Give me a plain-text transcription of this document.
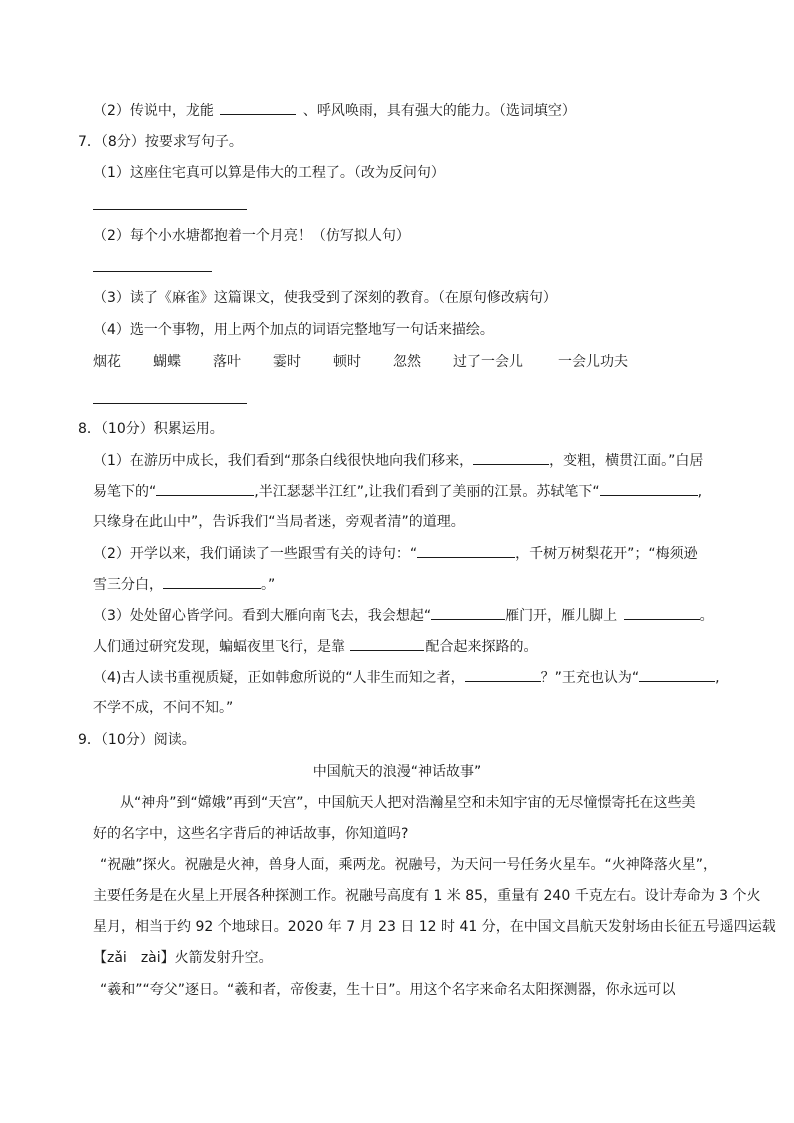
（2）传说中，龙能	、呼风唤雨，具有强大的能力。（选词填空）
7．（8分）按要求写句子。
（1）这座住宅真可以算是伟大的工程了。（改为反问句）
（2）每个小水塘都抱着一个月亮！（仿写拟人句）
（3）读了《麻雀》这篇课文，使我受到了深刻的教育。（在原句修改病句）
（4）选一个事物，用上两个加点的词语完整地写一句话来描绘。
烟花 蝴蝶 落叶 霎时 顿时 忽然 过了一会儿	一会儿功夫
8．（10分）积累运用。
（1）在游历中成长，我们看到“那条白线很快地向我们移来，	，变粗，横贯江面。”白居
易笔下的“	,半江瑟瑟半江红”,让我们看到了美丽的江景。苏轼笔下“	,
只缘身在此山中”，告诉我们“当局者迷，旁观者清”的道理。
（2）开学以来，我们诵读了一些跟雪有关的诗句：“	，千树万树梨花开”；“梅须逊
雪三分白，	。”
（3）处处留心皆学问。看到大雁向南飞去，我会想起“	雁门开，雁儿脚上	。
人们通过研究发现，蝙蝠夜里飞行，是靠	配合起来探路的。
（4)古人读书重视质疑，正如韩愈所说的“人非生而知之者，	？”王充也认为“	,
不学不成，不问不知。”
9．（10分）阅读。
中国航天的浪漫“神话故事”
从“神舟”到“嫦娥”再到“天宫”，中国航天人把对浩瀚星空和未知宇宙的无尽憧憬寄托在这些美
好的名字中，这些名字背后的神话故事，你知道吗?
“祝融”探火。祝融是火神，兽身人面，乘两龙。祝融号，为天问一号任务火星车。“火神降落火星”，
主要任务是在火星上开展各种探测工作。祝融号高度有 1 米 85，重量有 240 千克左右。设计寿命为 3 个火
星月，相当于约 92 个地球日。2020 年 7 月 23 日 12 时 41 分，在中国文昌航天发射场由长征五号遥四运载
【zǎi　zài】火箭发射升空。
“羲和”“夸父”逐日。“羲和者，帝俊妻，生十日”。用这个名字来命名太阳探测器，你永远可以
